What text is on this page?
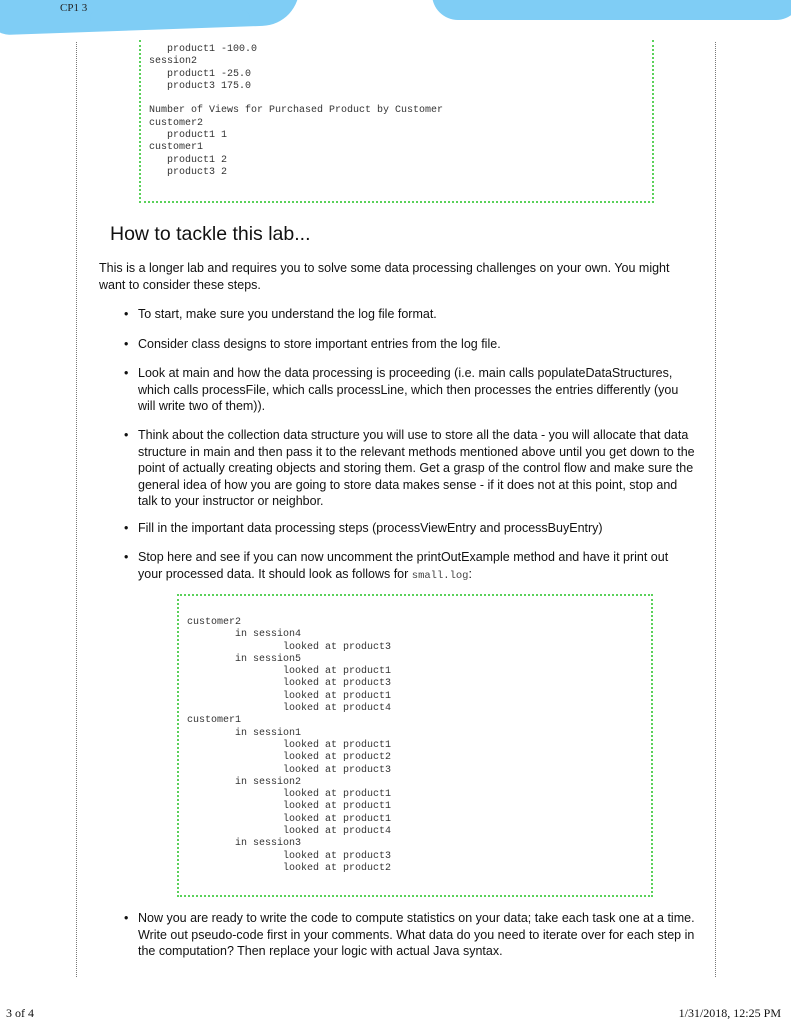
CP1 3
product1 -100.0
session2
product1 -25.0
product3 175.0

Number of Views for Purchased Product by Customer
customer2
product1 1
customer1
product1 2
product3 2
How to tackle this lab...

This is a longer lab and requires you to solve some data processing challenges on your own. You might want to consider these steps.

• To start, make sure you understand the log file format.
• Consider class designs to store important entries from the log file.
• Look at main and how the data processing is proceeding (i.e. main calls populateDataStructures, which calls processFile, which calls processLine, which then processes the entries differently (you will write two of them)).
• Think about the collection data structure you will use to store all the data - you will allocate that data structure in main and then pass it to the relevant methods mentioned above until you get down to the point of actually creating objects and storing them. Get a grasp of the control flow and make sure the general idea of how you are going to store data makes sense - if it does not at this point, stop and talk to your instructor or neighbor.
• Fill in the important data processing steps (processViewEntry and processBuyEntry)
• Stop here and see if you can now uncomment the printOutExample method and have it print out your processed data. It should look as follows for small.log:
• Now you are ready to write the code to compute statistics on your data; take each task one at a time. Write out pseudo-code first in your comments. What data do you need to iterate over for each step in the computation? Then replace your logic with actual Java syntax.
customer2
in session4
looked at product3
in session5
looked at product1
looked at product3
looked at product1
looked at product4
customer1
in session1
looked at product1
looked at product2
looked at product3
in session2
looked at product1
looked at product1
looked at product1
looked at product4
in session3
looked at product3
looked at product2
3 of 4	1/31/2018, 12:25 PM
